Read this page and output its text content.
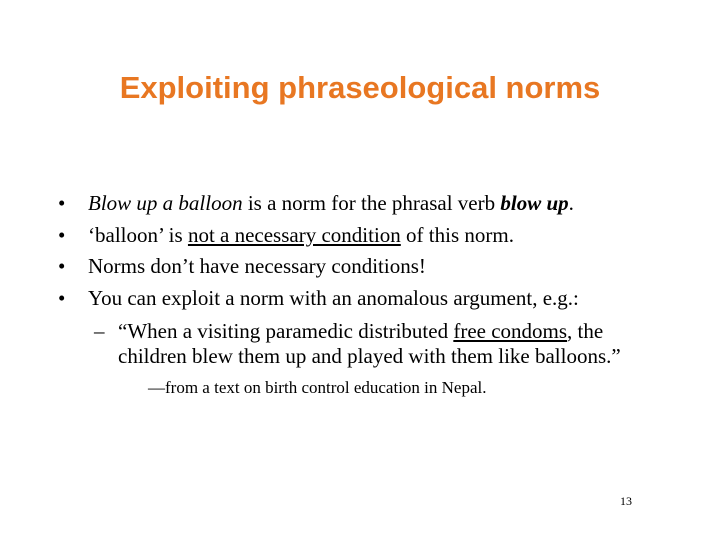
Exploiting phraseological norms
• Blow up a balloon is a norm for the phrasal verb blow up.
• ‘balloon’ is not a necessary condition of this norm.
• Norms don’t have necessary conditions!
• You can exploit a norm with an anomalous argument, e.g.:
– “When a visiting paramedic distributed free condoms, the children blew them up and played with them like balloons.”
—from a text on birth control education in Nepal.
13
